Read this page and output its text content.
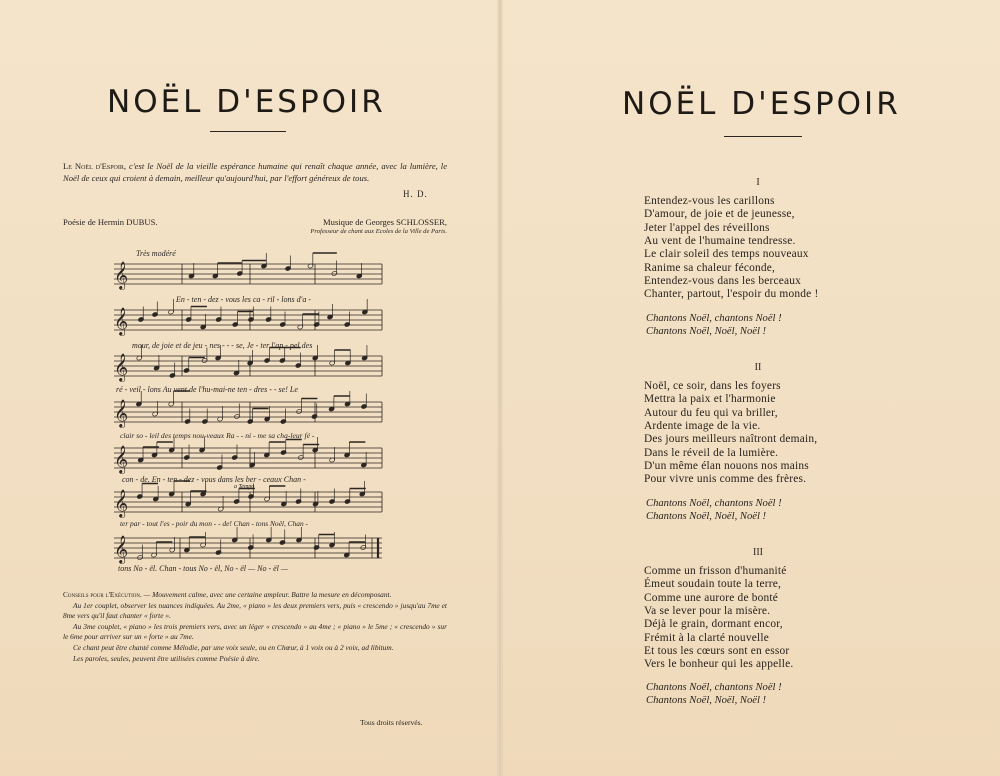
NOËL D'ESPOIR
Le Noël d'Espoir, c'est le Noël de la vieille espérance humaine qui renaît chaque année, avec la lumière, le Noël de ceux qui croient à demain, meilleur qu'aujourd'hui, par l'effort généreux de tous.
H. D.
Poésie de Hermin DUBUS.	Musique de Georges SCHLOSSER,
Professeur de chant aux Ecoles de la Ville de Paris.
𝄞
𝄞
𝄞
𝄞
𝄞
𝄞
𝄞
Très modéré
a Tempo
En - ten - dez - vous les ca - ril - lons d'a -
mour, de joie et de jeu - nes - - - se, Je - ter l'ap - pel des
ré - veil - lons Au vent de l'hu-mai-ne ten - dres - - se! Le
clair so - leil des temps nou-veaux Ra - - ni - me sa cha-leur fé -
con - de. En - ten - dez - vous dans les ber - ceaux Chan -
ter par - tout l'es - poir du mon - - de! Chan - tons Noël, Chan -
tons No - ël. Chan - tous No - ël, No - ël — No - ël —

Conseils pour l'Exécution. — Mouvement calme, avec une certaine ampleur. Battre la mesure en décomposant.

Au 1er couplet, observer les nuances indiquées. Au 2me, « piano » les deux premiers vers, puis « crescendo » jusqu'au 7me et 8me vers qu'il faut chanter « forte ».

Au 3me couplet, « piano » les trois premiers vers, avec un léger « crescendo » au 4me ; « piano » le 5me ; « crescendo » sur le 6me pour arriver sur un « forte » au 7me.

Ce chant peut être chanté comme Mélodie, par une voix seule, ou en Chœur, à 1 voix ou à 2 voix, ad libitum.

Les paroles, seules, peuvent être utilisées comme Poésie à dire.

Tous droits réservés.
NOËL D'ESPOIR
I
Entendez-vous les carillons
D'amour, de joie et de jeunesse,
Jeter l'appel des réveillons
Au vent de l'humaine tendresse.
Le clair soleil des temps nouveaux
Ranime sa chaleur féconde,
Entendez-vous dans les berceaux
Chanter, partout, l'espoir du monde !
Chantons Noël, chantons Noël !
Chantons Noël, Noël, Noël !
II
Noël, ce soir, dans les foyers
Mettra la paix et l'harmonie
Autour du feu qui va briller,
Ardente image de la vie.
Des jours meilleurs naîtront demain,
Dans le réveil de la lumière.
D'un même élan nouons nos mains
Pour vivre unis comme des frères.
Chantons Noël, chantons Noël !
Chantons Noël, Noël, Noël !
III
Comme un frisson d'humanité
Émeut soudain toute la terre,
Comme une aurore de bonté
Va se lever pour la misère.
Déjà le grain, dormant encor,
Frémit à la clarté nouvelle
Et tous les cœurs sont en essor
Vers le bonheur qui les appelle.
Chantons Noël, chantons Noël !
Chantons Noël, Noël, Noël !
